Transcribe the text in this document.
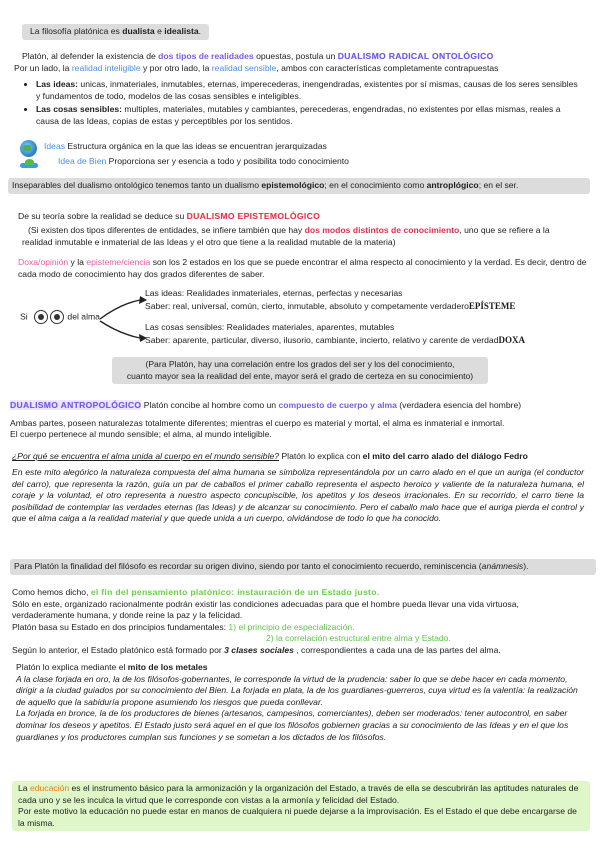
La filosofía platónica es dualista e idealista.
Platón, al defender la existencia de dos tipos de realidades opuestas, postula un DUALISMO RADICAL ONTOLÓGICO
Por un lado, la realidad inteligible y por otro lado, la realidad sensible, ambos con características completamente contrapuestas
• Las ideas: unicas, inmateriales, inmutables, eternas, imperecederas, inengendradas, existentes por sí mismas, causas de los seres sensibles y fundamentos de todo, modelos de las cosas sensibles e inteligibles.
• Las cosas sensibles: multiples, materiales, mutables y cambiantes, perecederas, engendradas, no existentes por ellas mismas, reales a causa de las Ideas, copias de estas y perceptibles por los sentidos.
Ideas Estructura orgánica en la que las ideas se encuentran jerarquizadas
Idea de Bien Proporciona ser y esencia a todo y posibilita todo conocimiento
Inseparables del dualismo ontológico tenemos tanto un dualismo epistemológico; en el conocimiento como antroplógico; en el ser.
De su teoría sobre la realidad se deduce su DUALISMO EPISTEMOLÓGICO
(Si existen dos tipos diferentes de entidades, se infiere también que hay dos modos distintos de conocimiento, uno que se refiere a la realidad inmutable e inmaterial de las Ideas y el otro que tiene a la realidad mutable de la materia)
Doxa/opinión y la episteme/ciencia son los 2 estados en los que se puede encontrar el alma respecto al conocimiento y la verdad. Es decir, dentro de cada modo de conocimiento hay dos grados diferentes de saber.
Si	del alma
Las ideas: Realidades inmateriales, eternas, perfectas y necesarias
Saber: real, universal, común, cierto, inmutable, absoluto y competamente verdaderoEPÍSTEME
Las cosas sensibles: Realidades materiales, aparentes, mutables
Saber: aparente, particular, diverso, ilusorio, cambiante, incierto, relativo y carente de verdadDOXA
(Para Platón, hay una correlación entre los grados del ser y los del conocimiento,
cuanto mayor sea la realidad del ente, mayor será el grado de certeza en su conocimiento)
DUALISMO ANTROPOLÓGICO Platón concibe al hombre como un compuesto de cuerpo y alma (verdadera esencia del hombre)
Ambas partes, poseen naturalezas totalmente diferentes; mientras el cuerpo es material y mortal, el alma es inmaterial e inmortal.
El cuerpo pertenece al mundo sensible; el alma, al mundo inteligible.
¿Por qué se encuentra el alma unida al cuerpo en el mundo sensible? Platón lo explica con el mito del carro alado del diálogo Fedro
En este mito alegórico la naturaleza compuesta del alma humana se simboliza representándola por un carro alado en el que un auriga (el conductor del carro), que representa la razón, guía un par de caballos el primer caballo representa el aspecto heroico y valiente de la naturaleza humana, el coraje y la voluntad, el otro representa a nuestro aspecto concupiscible, los apetitos y los deseos irracionales. En su recorrido, el carro tiene la posibilidad de contemplar las verdades eternas (las Ideas) y de alcanzar su conocimiento. Pero el caballo malo hace que el auriga pierda el control y que el alma caiga a la realidad material y que quede unida a un cuerpo, olvidándose de todo lo que ha conocido.
Para Platón la finalidad del filósofo es recordar su origen divino, siendo por tanto el conocimiento recuerdo, reminiscencia (anámnesis).
Como hemos dicho, el fin del pensamiento platónico: instauración de un Estado justo.
Sólo en este, organizado racionalmente podrán existir las condiciones adecuadas para que el hombre pueda llevar una vida virtuosa, verdaderamente humana, y donde reine la paz y la felicidad.
Platón basa su Estado en dos principios fundamentales: 1) el principio de especialización.
2) la correlación estructural entre alma y Estado.
Según lo anterior, el Estado platónico está formado por 3 clases sociales , correspondientes a cada una de las partes del alma.
Platón lo explica mediante el mito de los metales
A la clase forjada en oro, la de los filósofos-gobernantes, le corresponde la virtud de la prudencia: saber lo que se debe hacer en cada momento, dirigir a la ciudad guiados por su conocimiento del Bien. La forjada en plata, la de los guardianes-guerreros, cuya virtud es la valentía: la realización de aquello que la sabiduría propone asumiendo los riesgos que pueda conllevar.
La forjada en bronce, la de los productores de bienes (artesanos, campesinos, comerciantes), deben ser moderados: tener autocontrol, en saber dominar los deseos y apetitos. El Estado justo será aquel en el que los filósofos gobiernen gracias a su conocimiento de las Ideas y en el que los guardianes y los productores cumplan sus funciones y se sometan a los dictados de los filósofos.
La educación es el instrumento básico para la armonización y la organización del Estado, a través de ella se descubrirán las aptitudes naturales de cada uno y se les inculca la virtud que le corresponde con vistas a la armonía y felicidad del Estado.
Por este motivo la educación no puede estar en manos de cualquiera ni puede dejarse a la improvisación. Es el Estado el que debe encargarse de la misma.
